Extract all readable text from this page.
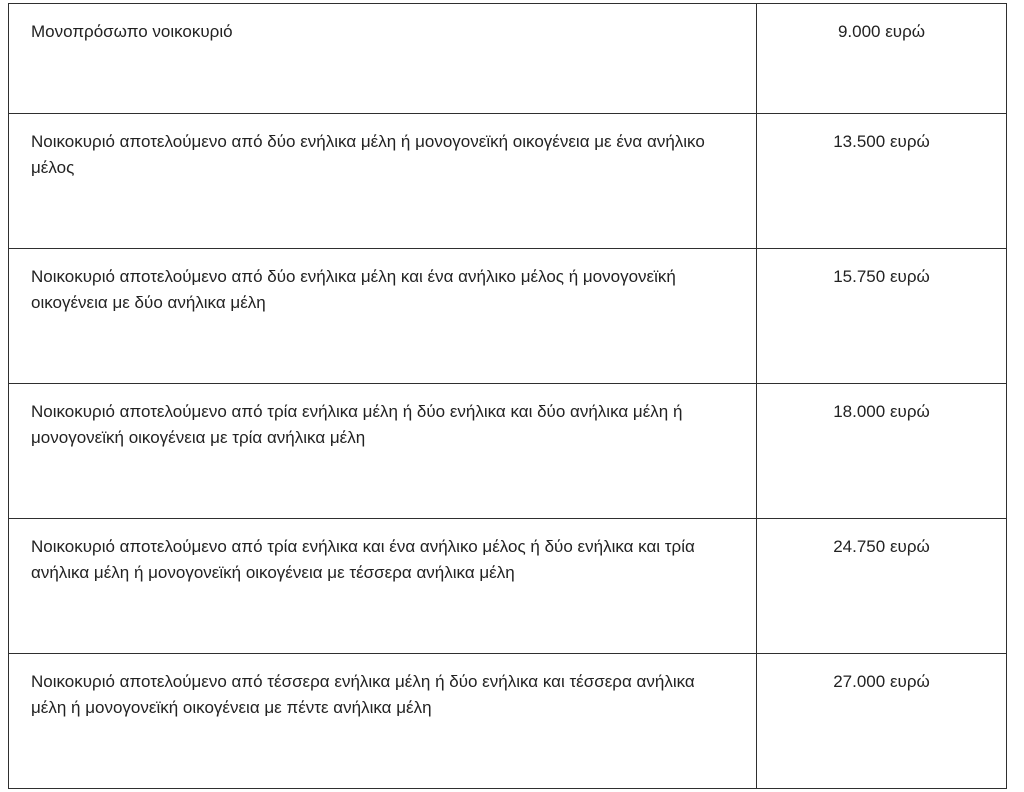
Μονοπρόσωπο νοικοκυριό	9.000 ευρώ
Νοικοκυριό αποτελούμενο από δύο ενήλικα μέλη ή μονογονεϊκή οικογένεια με ένα ανήλικο μέλος	13.500 ευρώ
Νοικοκυριό αποτελούμενο από δύο ενήλικα μέλη και ένα ανήλικο μέλος ή μονογονεϊκή οικογένεια με δύο ανήλικα μέλη	15.750 ευρώ
Νοικοκυριό αποτελούμενο από τρία ενήλικα μέλη ή δύο ενήλικα και δύο ανήλικα μέλη ή μονογονεϊκή οικογένεια με τρία ανήλικα μέλη	18.000 ευρώ
Νοικοκυριό αποτελούμενο από τρία ενήλικα και ένα ανήλικο μέλος ή δύο ενήλικα και τρία ανήλικα μέλη ή μονογονεϊκή οικογένεια με τέσσερα ανήλικα μέλη	24.750 ευρώ
Νοικοκυριό αποτελούμενο από τέσσερα ενήλικα μέλη ή δύο ενήλικα και τέσσερα ανήλικα μέλη ή μονογονεϊκή οικογένεια με πέντε ανήλικα μέλη	27.000 ευρώ
